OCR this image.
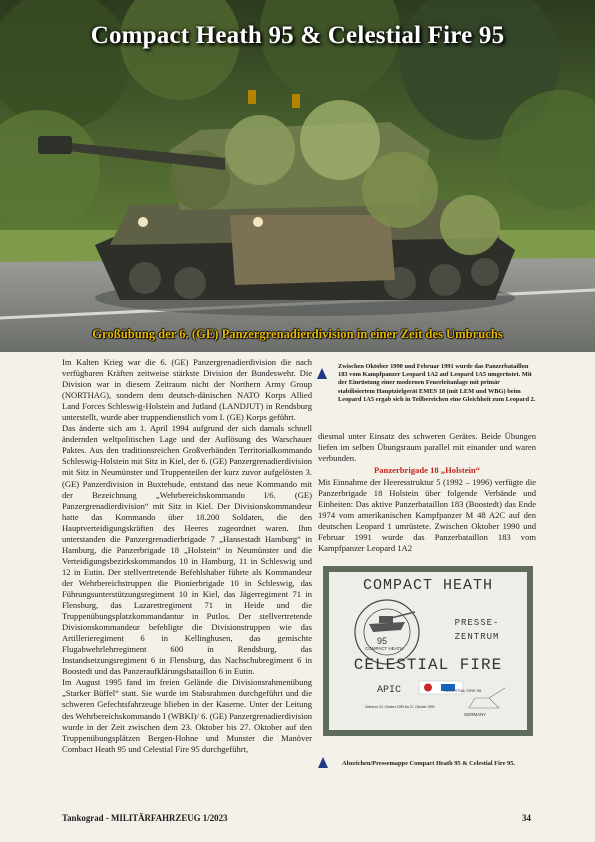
Compact Heath 95 & Celestial Fire 95
Großübung der 6. (GE) Panzergrenadierdivision in einer Zeit des Umbruchs

Im Kalten Krieg war die 6. (GE) Panzergrenadierdivision die nach verfügbaren Kräften zeitweise stärkste Division der Bundeswehr. Die Division war in diesem Zeitraum nicht der Northern Army Group (NORTHAG), sondern dem deutsch-dänischen NATO Korps Allied Land Forces Schleswig-Holstein and Jutland (LANDJUT) in Rendsburg unterstellt, wurde aber truppendienstlich vom I. (GE) Korps geführt.

Das änderte sich am 1. April 1994 aufgrund der sich damals schnell ändernden weltpolitischen Lage und der Auflösung des Warschauer Paktes. Aus den traditionsreichen Großverbänden Territorialkommando Schleswig-Holstein mit Sitz in Kiel, der 6. (GE) Panzergrenadierdivision mit Sitz in Neumünster und Truppenteilen der kurz zuvor aufgelösten 3. (GE) Panzerdivision in Buxtehude, entstand das neue Kommando mit der Bezeichnung „Wehrbereichskommando I/6. (GE) Panzergrenadierdivision“ mit Sitz in Kiel. Der Divisionskommandeur hatte das Kommando über 18.200 Soldaten, die den Hauptverteidigungskräften des Heeres zugeordnet waren. Ihm unterstanden die Panzergrenadierbrigade 7 „Hansestadt Hamburg“ in Hamburg, die Panzerbrigade 18 „Holstein“ in Neumünster und die Verteidigungsbezirkskommandos 10 in Hamburg, 11 in Schleswig und 12 in Eutin. Der stellvertretende Befehlshaber führte als Kommandeur der Wehrbereichstruppen die Pionierbrigade 10 in Schleswig, das Führungsunterstützungsregiment 10 in Kiel, das Jägerregiment 71 in Flensburg, das Lazarettregiment 71 in Heide und die Truppenübungsplatzkommandantur in Putlos. Der stellvertretende Divisionskommandeur befehligte die Divisionstruppen wie das Artillerieregiment 6 in Kellinghusen, das gemischte Flugabwehrlehrregiment 600 in Rendsburg, das Instandsetzungsregiment 6 in Flensburg, das Nachschubregiment 6 in Boostedt und das Panzeraufklärungsbataillon 6 in Eutin.

Im August 1995 fand im freien Gelände die Divisionsrahmenübung „Starker Büffel“ statt. Sie wurde im Stabsrahmen durchgeführt und die schweren Gefechtsfahrzeuge blieben in der Kaserne. Unter der Leitung des Wehrbereichskommando I (WBKI)/ 6. (GE) Panzergrenadierdivision wurde in der Zeit zwischen dem 23. Oktober bis 27. Oktober auf den Truppenübungsplätzen Bergen-Hohne und Munster die Manöver Combact Heath 95 und Celestial Fire 95 durchgeführt,

Zwischen Oktober 1990 und Februar 1991 wurde das Panzerbataillon 183 vom Kampfpanzer Leopard 1A2 auf Leopard 1A5 umgerüstet. Mit der Einrüstung einer modernen Feuerleitanlage mit primär stabilisiertem Hauptzielgerät EMES 18 (mit LEM und WBG) beim Leopard 1A5 ergab sich in Teilbereichen eine Gleichheit zum Leopard 2.
diesmal unter Einsatz des schweren Gerätes. Beide Übungen liefen im selben Übungsraum parallel mit einander und waren verbunden.
Panzerbrigade 18 „Holstein“
Mit Einnahme der Heeresstruktur 5 (1992 – 1996) verfügte die Panzerbrigade 18 Holstein über folgende Verbände und Einheiten: Das aktive Panzerbataillon 183 (Boostedt) das Ende 1974 vom amerikanischen Kampfpanzer M 48 A2C auf den deutschen Leopard 1 umrüstete. Zwischen Oktober 1990 und Februar 1991 wurde das Panzerbataillon 183 vom Kampfpanzer Leopard 1A2
COMPACT HEATH
95
COMPACT HEATH
PRESSE-
ZENTRUM
CELESTIAL FIRE
APIC	CELESTIAL FIRE 95
Zeitraum: 23. Oktober 1995 bis 27. Oktober 1995
GERMANY
Abzeichen/Pressemappe Compact Heath 95 & Celestial Fire 95.
Tankograd - MILITÄRFAHRZEUG 1/2023	34
